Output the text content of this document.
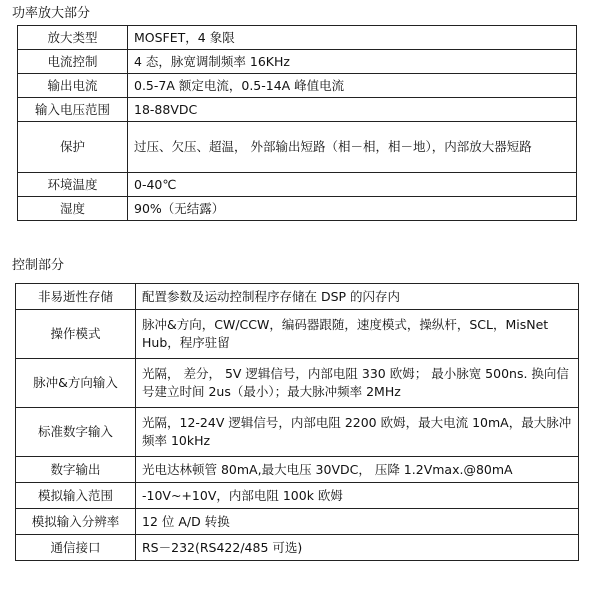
功率放大部分
放大类型	MOSFET，4 象限
电流控制	4 态，脉宽调制频率 16KHz
输出电流	0.5-7A 额定电流，0.5-14A 峰值电流
输入电压范围	18-88VDC
保护	过压、欠压、超温， 外部输出短路（相－相，相－地），内部放大器短路
环境温度	0-40℃
湿度	90%（无结露）
控制部分
非易逝性存储	配置参数及运动控制程序存储在 DSP 的闪存内
操作模式	脉冲&方向，CW/CCW，编码器跟随，速度模式，操纵杆，SCL，MisNet Hub，程序驻留
脉冲&方向输入	光隔， 差分， 5V 逻辑信号，内部电阻 330 欧姆； 最小脉宽 500ns. 换向信号建立时间 2us（最小）；最大脉冲频率 2MHz
标准数字输入	光隔，12-24V 逻辑信号，内部电阻 2200 欧姆，最大电流 10mA，最大脉冲频率 10kHz
数字输出	光电达林顿管 80mA,最大电压 30VDC， 压降 1.2Vmax.@80mA
模拟输入范围	-10V~+10V，内部电阻 100k 欧姆
模拟输入分辨率	12 位 A/D 转换
通信接口	RS－232(RS422/485 可选)
